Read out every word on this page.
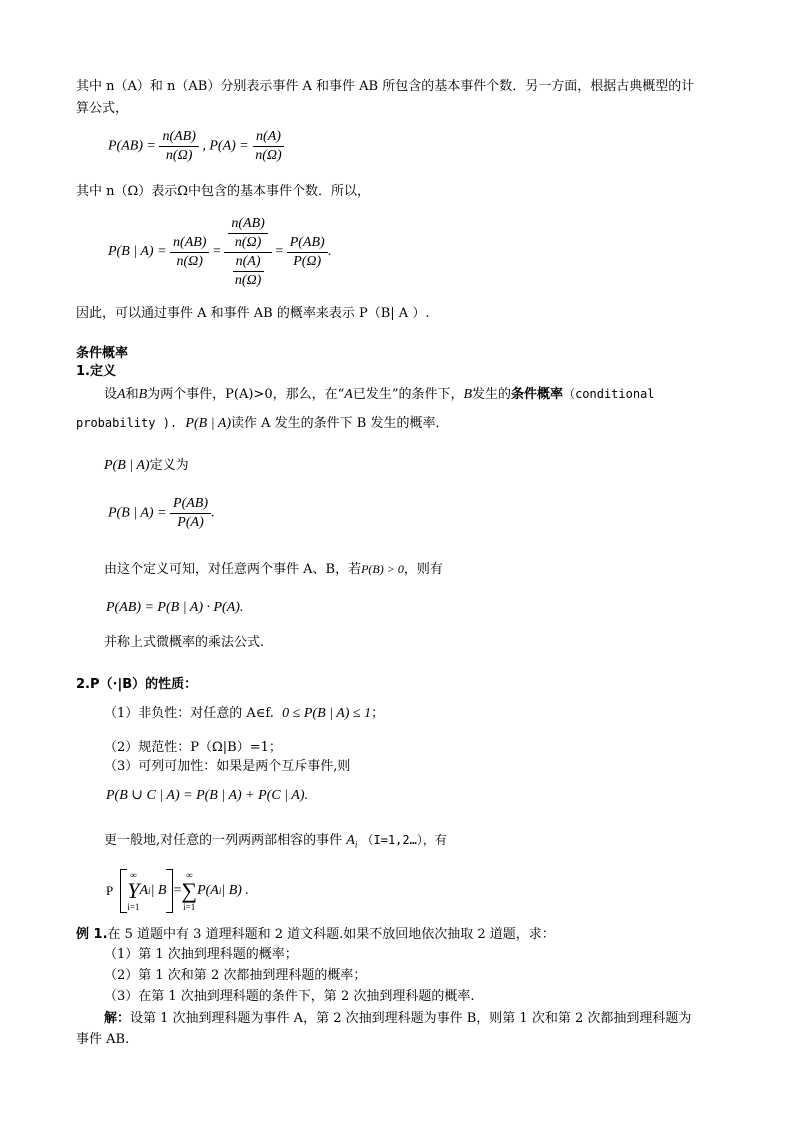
其中 n（A）和 n（AB）分别表示事件 A 和事件 AB 所包含的基本事件个数．另一方面，根据古典概型的计
算公式，
$P(AB) = \frac{n(AB)}{n(\Omega)}$ , $P(A) = \frac{n(A)}{n(\Omega)}$
其中 n（Ω）表示Ω中包含的基本事件个数．所以，
P(B | A) =
$\frac{n(AB)}{n(\Omega)}$
=
$\frac{\frac{n(AB)}{n(\Omega)}}{\frac{n(A)}{n(\Omega)}}$
=
$\frac{P(AB)}{P(\Omega)}$ .
因此，可以通过事件 A 和事件 AB 的概率来表示 P（B| A ）.
条件概率
1.定义
设A和B为两个事件，P(A)>0，那么，在“A已发生”的条件下，B发生的条件概率（conditional
probability ). P(B | A)读作 A 发生的条件下 B 发生的概率．
P(B | A)定义为
P(B | $A) = \frac{P(AB)}{P(A)}$ .
由这个定义可知，对任意两个事件 A、B，若P(B) > 0，则有
P(AB) = P(B | A) · P(A).
并称上式微概率的乘法公式.
2.P（·|B）的性质：
（1）非负性：对任意的 A∈f. 0 ≤ P(B | A) ≤ 1；
（2）规范性：P（Ω|B）=1；
（3）可列可加性：如果是两个互斥事件,则
P(B ∪ C | A) = P(B | A) + P(C | A).
更一般地,对任意的一列两两部相容的事件 $A_i$ （I=1,2…），有
P

∞
Y
i=1
A i | B =
∞
∑
i=1
P(A i | B) .
例 1.在 5 道题中有 3 道理科题和 2 道文科题.如果不放回地依次抽取 2 道题，求：
（1）第 1 次抽到理科题的概率；
（2）第 1 次和第 2 次都抽到理科题的概率；
（3）在第 1 次抽到理科题的条件下，第 2 次抽到理科题的概率.
解：设第 1 次抽到理科题为事件 A，第 2 次抽到理科题为事件 B，则第 1 次和第 2 次都抽到理科题为
事件 AB.
